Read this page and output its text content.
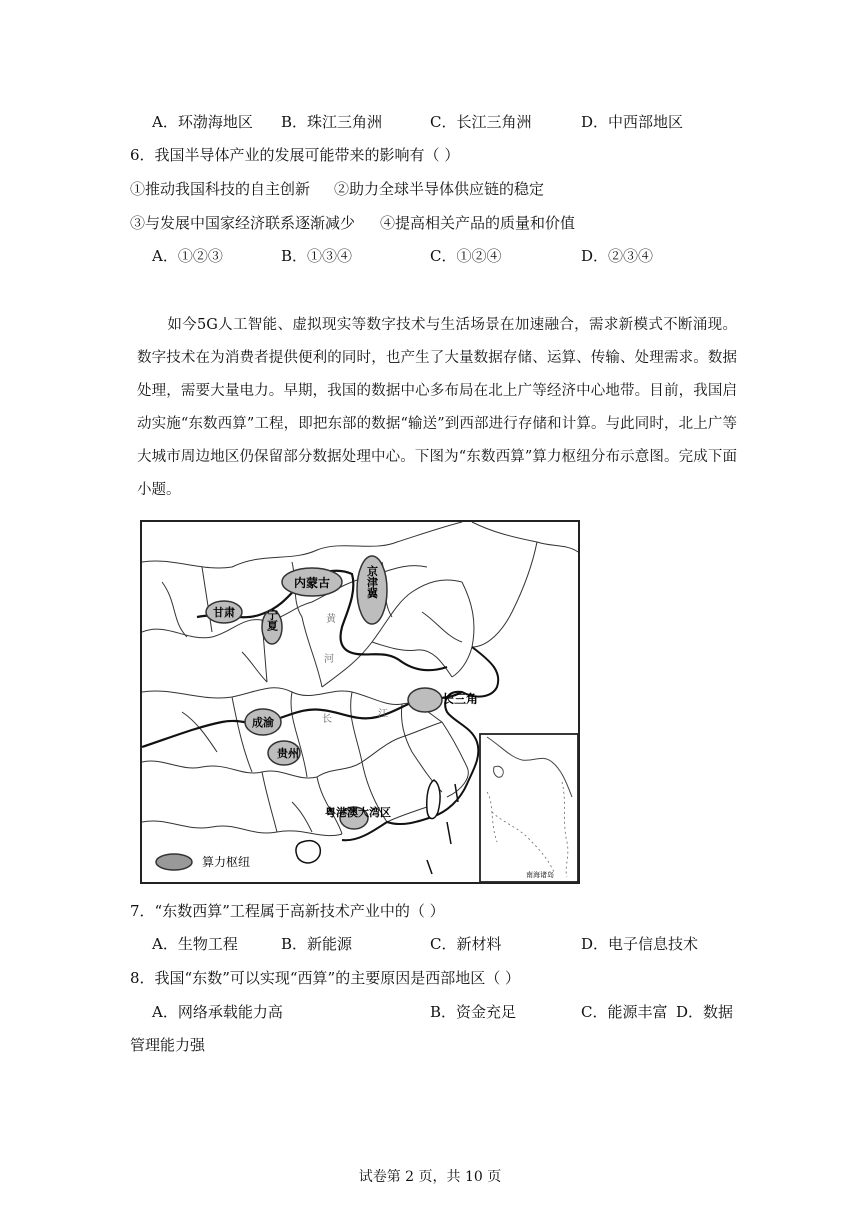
A．环渤海地区 B．珠江三角洲	C．长江三角洲	D．中西部地区
6．我国半导体产业的发展可能带来的影响有（ ）
①推动我国科技的自主创新 ②助力全球半导体供应链的稳定
③与发展中国家经济联系逐渐减少 ④提高相关产品的质量和价值
A．①②③	B．①③④	C．①②④	D．②③④
如今5G人工智能、虚拟现实等数字技术与生活场景在加速融合，需求新模式不断涌现。数字技术在为消费者提供便利的同时，也产生了大量数据存储、运算、传输、处理需求。数据处理，需要大量电力。早期，我国的数据中心多布局在北上广等经济中心地带。目前，我国启动实施“东数西算”工程，即把东部的数据“输送”到西部进行存储和计算。与此同时，北上广等大城市周边地区仍保留部分数据处理中心。下图为“东数西算”算力枢纽分布示意图。完成下面小题。
内蒙古	京津冀
甘肃	宁夏
长三角
成渝
贵州
粤港澳大湾区
黄
河
长	江
算力枢纽
南海诸岛
7．“东数西算”工程属于高新技术产业中的（ ）
A．生物工程	B．新能源	C．新材料	D．电子信息技术
8．我国“东数”可以实现“西算”的主要原因是西部地区（ ）
A．网络承载能力高	B．资金充足	C．能源丰富 D．数据
管理能力强
试卷第 2 页，共 10 页
